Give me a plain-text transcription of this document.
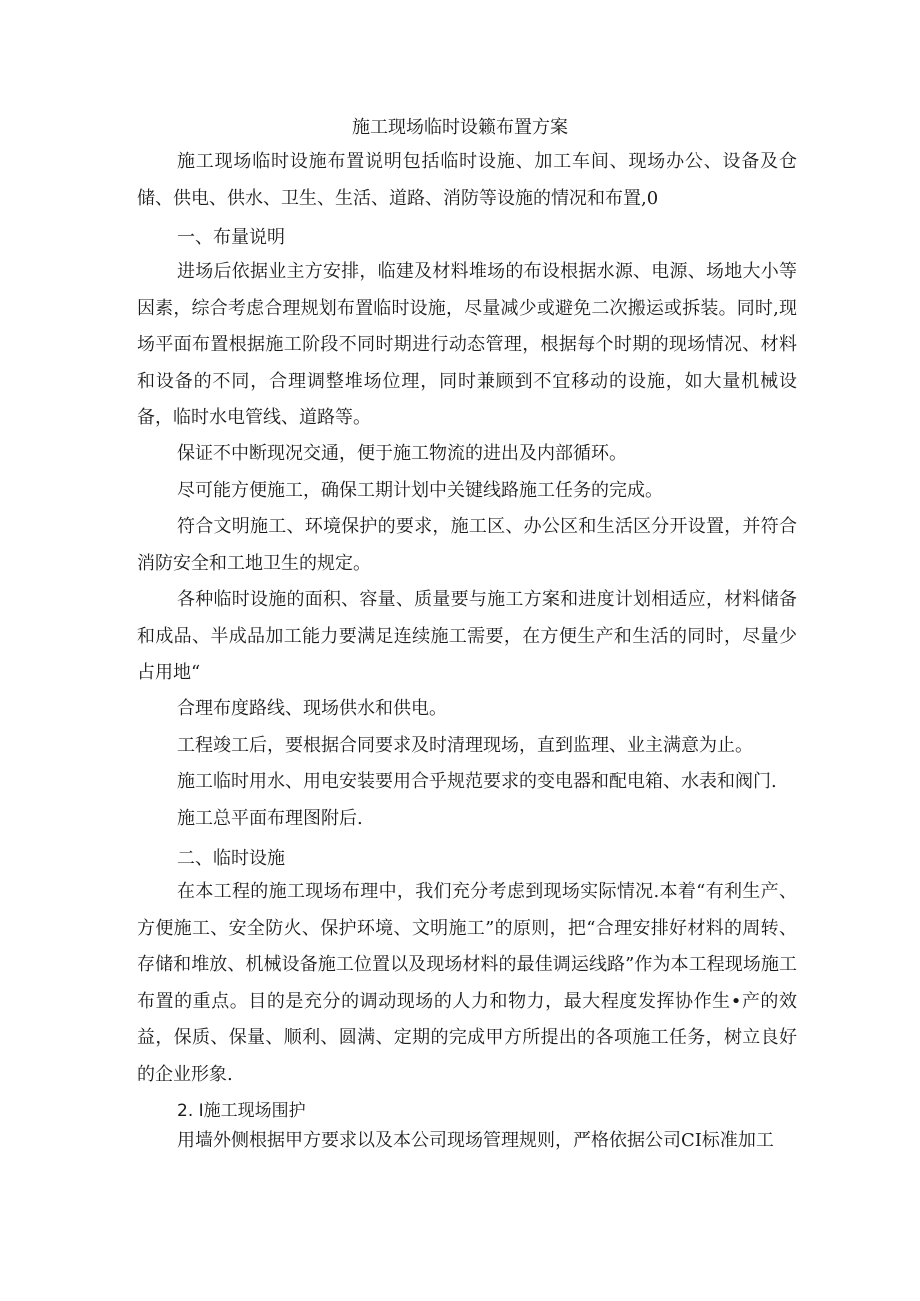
施工现场临时设籁布置方案

施工现场临时设施布置说明包括临时设施、加工车间、现场办公、设备及仓储、供电、供水、卫生、生活、道路、消防等设施的情况和布置,0

一、布量说明

进场后依据业主方安排，临建及材料堆场的布设根据水源、电源、场地大小等因素，综合考虑合理规划布置临时设施，尽量减少或避免二次搬运或拆装。同时,现场平面布置根据施工阶段不同时期进行动态管理，根据每个时期的现场情况、材料和设备的不同，合理调整堆场位理，同时兼顾到不宜移动的设施，如大量机械设备，临时水电管线、道路等。

保证不中断现况交通，便于施工物流的进出及内部循环。

尽可能方便施工，确保工期计划中关键线路施工任务的完成。

符合文明施工、环境保护的要求，施工区、办公区和生活区分开设置，并符合消防安全和工地卫生的规定。

各种临时设施的面积、容量、质量要与施工方案和进度计划相适应，材料储备和成品、半成品加工能力要满足连续施工需要，在方便生产和生活的同时，尽量少占用地“

合理布度路线、现场供水和供电。

工程竣工后，要根据合同要求及时清理现场，直到监理、业主满意为止。

施工临时用水、用电安装要用合乎规范要求的变电器和配电箱、水表和阀门.

施工总平面布理图附后.

二、临时设施

在本工程的施工现场布理中，我们充分考虑到现场实际情况.本着“有利生产、方便施工、安全防火、保护环境、文明施工”的原则，把“合理安排好材料的周转、存储和堆放、机械设备施工位置以及现场材料的最佳调运线路”作为本工程现场施工布置的重点。目的是充分的调动现场的人力和物力，最大程度发挥协作生•产的效益，保质、保量、顺利、圆满、定期的完成甲方所提出的各项施工任务，树立良好的企业形象.

2. I施工现场围护

用墙外侧根据甲方要求以及本公司现场管理规则，严格依据公司CI标准加工
